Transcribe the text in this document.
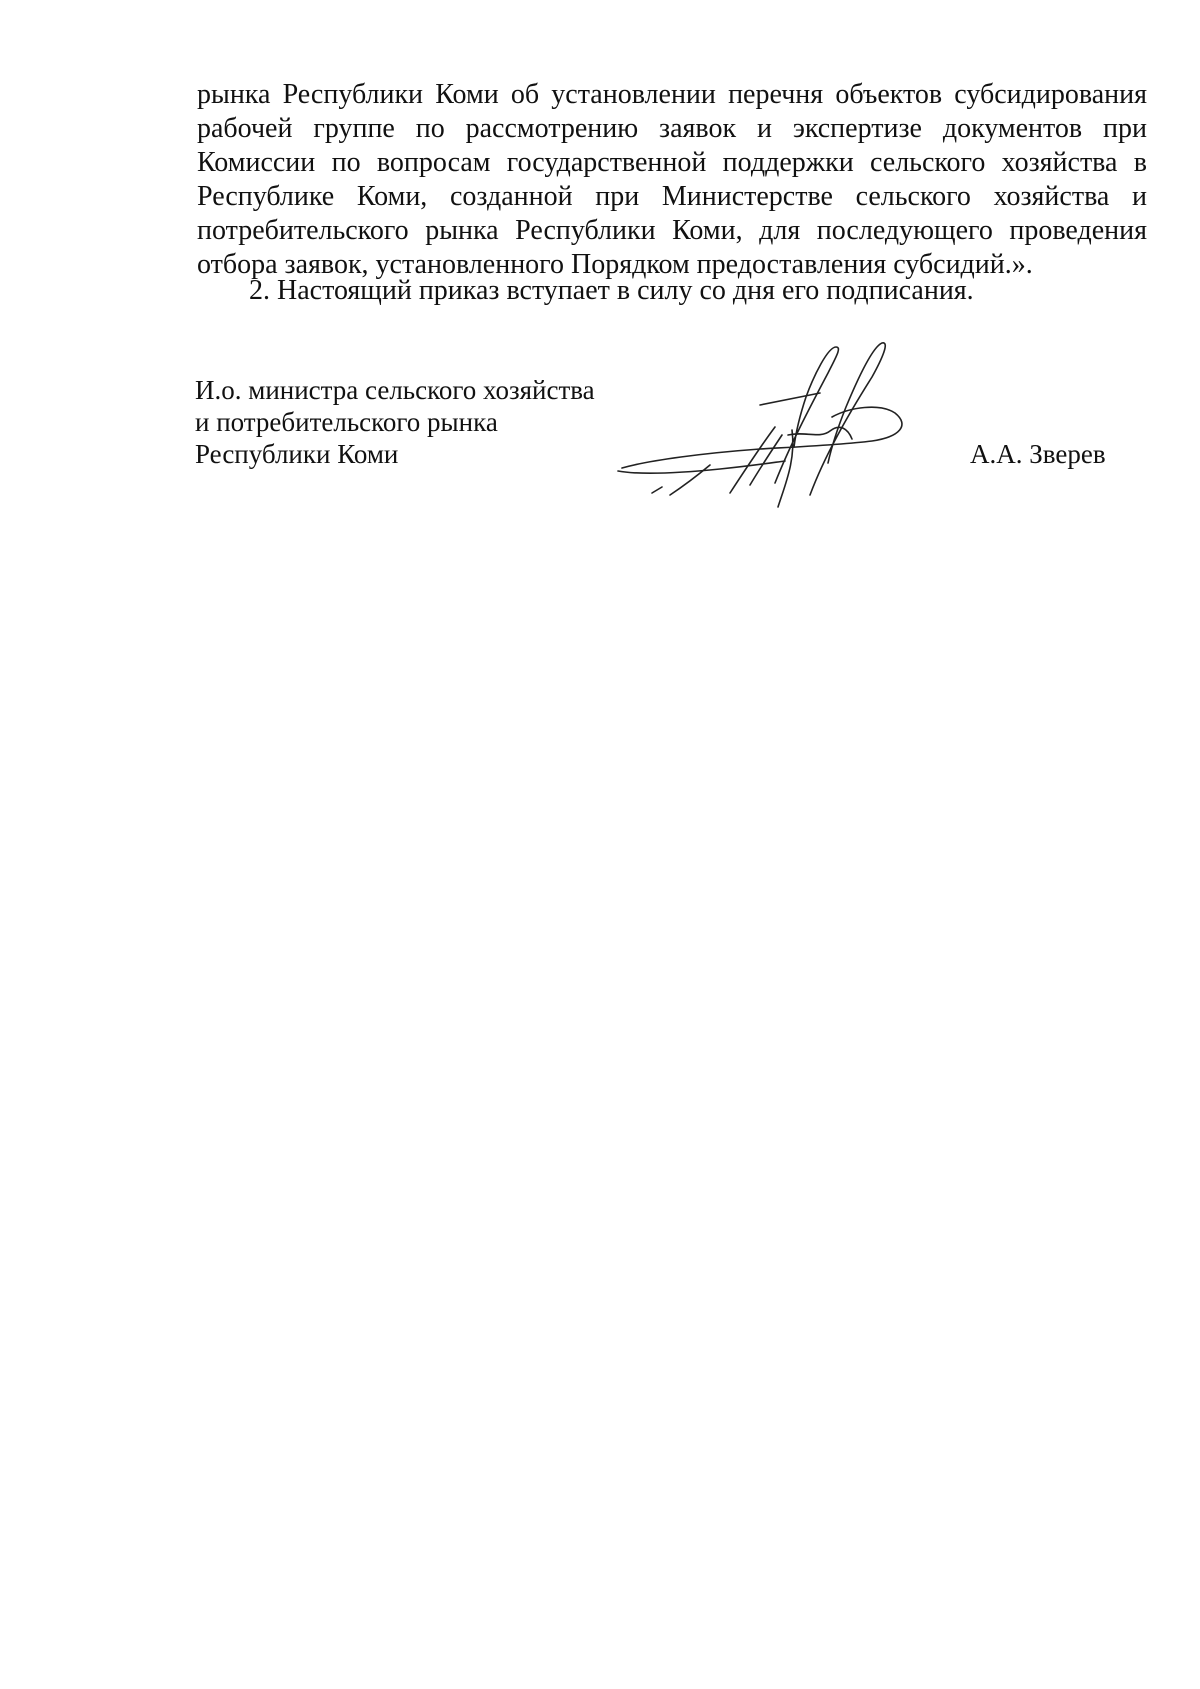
рынка Республики Коми об установлении перечня объектов субсидирования
рабочей группе по рассмотрению заявок и экспертизе документов при
Комиссии по вопросам государственной поддержки сельского хозяйства в
Республике Коми, созданной при Министерстве сельского хозяйства и
потребительского рынка Республики Коми, для последующего проведения
отбора заявок, установленного Порядком предоставления субсидий.».

2. Настоящий приказ вступает в силу со дня его подписания.

И.о. министра сельского хозяйства
и потребительского рынка
Республики Коми	А.А. Зверев
